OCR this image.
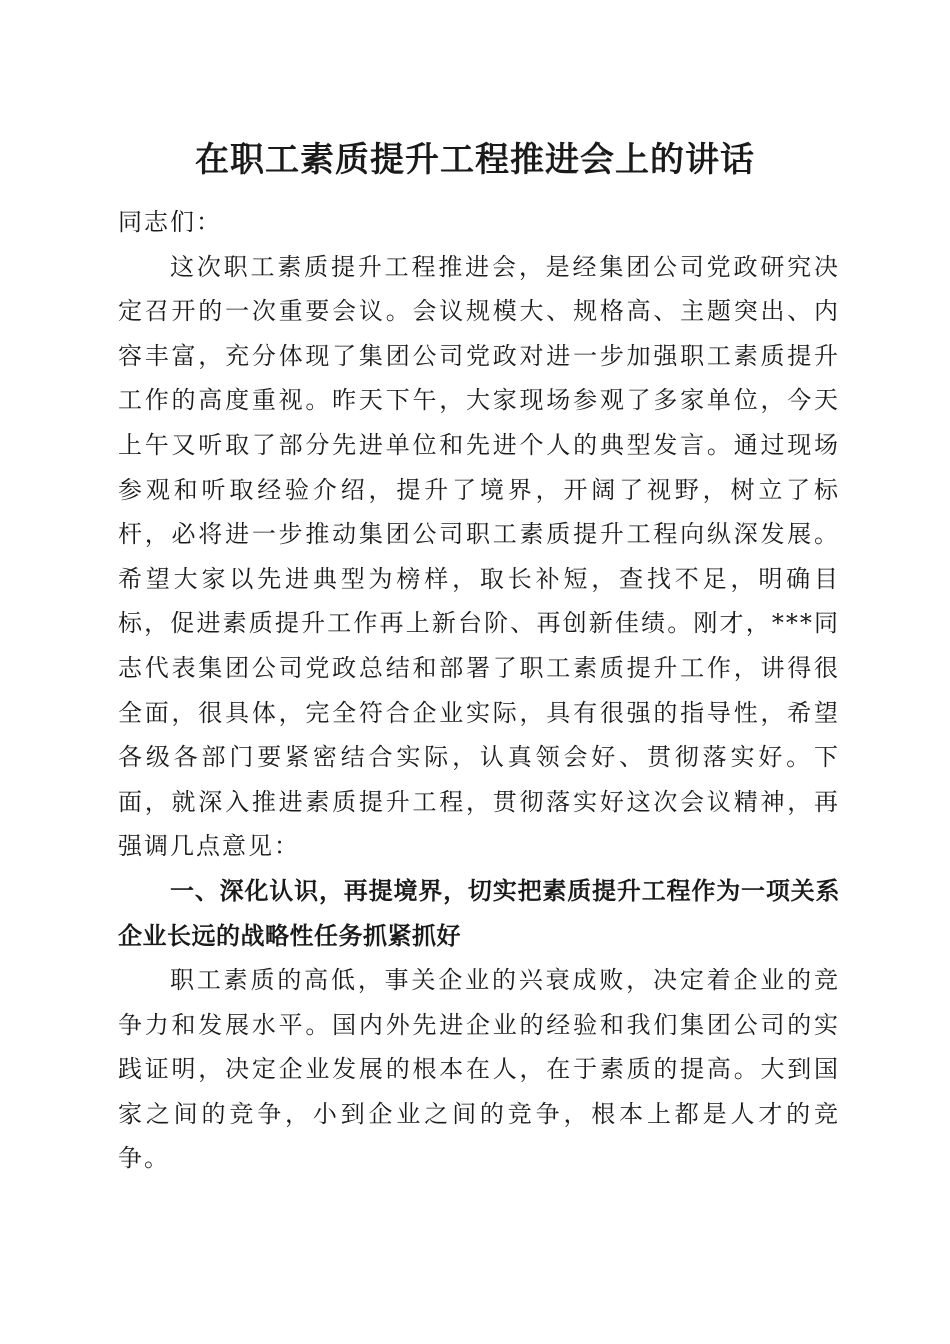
在职工素质提升工程推进会上的讲话

同志们：

这次职工素质提升工程推进会，是经集团公司党政研究决定召开的一次重要会议。会议规模大、规格高、主题突出、内容丰富，充分体现了集团公司党政对进一步加强职工素质提升工作的高度重视。昨天下午，大家现场参观了多家单位，今天上午又听取了部分先进单位和先进个人的典型发言。通过现场参观和听取经验介绍，提升了境界，开阔了视野，树立了标杆，必将进一步推动集团公司职工素质提升工程向纵深发展。希望大家以先进典型为榜样，取长补短，查找不足，明确目标，促进素质提升工作再上新台阶、再创新佳绩。刚才，***同志代表集团公司党政总结和部署了职工素质提升工作，讲得很全面，很具体，完全符合企业实际，具有很强的指导性，希望各级各部门要紧密结合实际，认真领会好、贯彻落实好。下面，就深入推进素质提升工程，贯彻落实好这次会议精神，再强调几点意见：

一、深化认识，再提境界，切实把素质提升工程作为一项关系企业长远的战略性任务抓紧抓好

职工素质的高低，事关企业的兴衰成败，决定着企业的竞争力和发展水平。国内外先进企业的经验和我们集团公司的实践证明，决定企业发展的根本在人，在于素质的提高。大到国家之间的竞争，小到企业之间的竞争，根本上都是人才的竞争。
